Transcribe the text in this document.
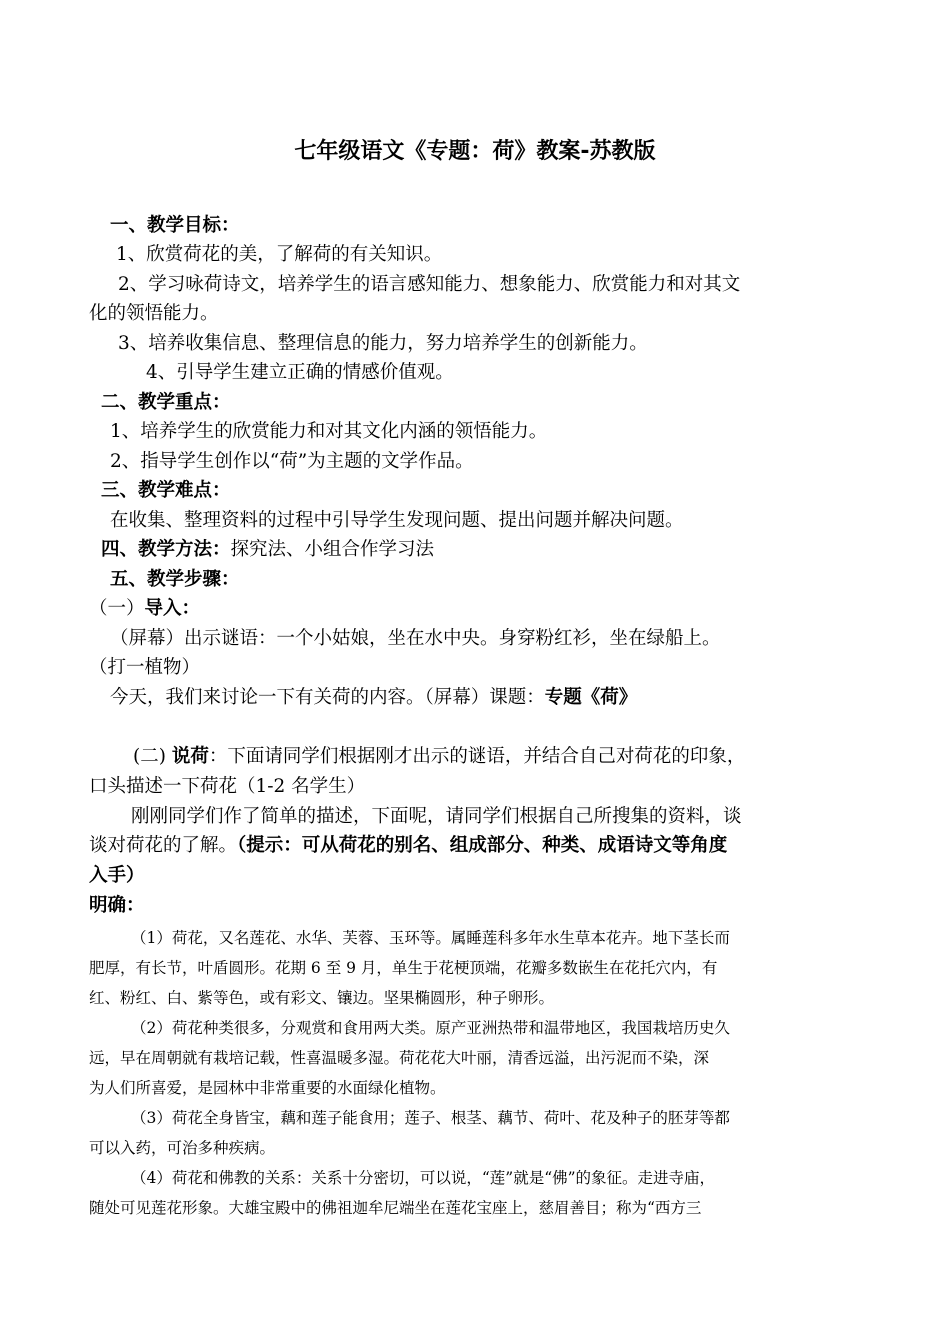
七年级语文《专题：荷》教案-苏教版
一、教学目标：
1、欣赏荷花的美，了解荷的有关知识。
2、学习咏荷诗文，培养学生的语言感知能力、想象能力、欣赏能力和对其文
化的领悟能力。
3、培养收集信息、整理信息的能力，努力培养学生的创新能力。
4、引导学生建立正确的情感价值观。
二、教学重点：
1、培养学生的欣赏能力和对其文化内涵的领悟能力。
2、指导学生创作以“荷”为主题的文学作品。
三、教学难点：
在收集、整理资料的过程中引导学生发现问题、提出问题并解决问题。
四、教学方法：探究法、小组合作学习法
五、教学步骤：
（一）导入：
（屏幕）出示谜语：一个小姑娘，坐在水中央。身穿粉红衫，坐在绿船上。
（打一植物）
今天，我们来讨论一下有关荷的内容。（屏幕）课题：专题《荷》
(二) 说荷：下面请同学们根据刚才出示的谜语，并结合自己对荷花的印象，
口头描述一下荷花（1-2 名学生）
刚刚同学们作了简单的描述，下面呢，请同学们根据自己所搜集的资料，谈
谈对荷花的了解。（提示：可从荷花的别名、组成部分、种类、成语诗文等角度
入手）
明确：
（1）荷花，又名莲花、水华、芙蓉、玉环等。属睡莲科多年水生草本花卉。地下茎长而
肥厚，有长节，叶盾圆形。花期 6 至 9 月，单生于花梗顶端，花瓣多数嵌生在花托穴内，有
红、粉红、白、紫等色，或有彩文、镶边。坚果椭圆形，种子卵形。
（2）荷花种类很多，分观赏和食用两大类。原产亚洲热带和温带地区，我国栽培历史久
远，早在周朝就有栽培记载，性喜温暖多湿。荷花花大叶丽，清香远溢，出污泥而不染，深
为人们所喜爱，是园林中非常重要的水面绿化植物。
（3）荷花全身皆宝，藕和莲子能食用；莲子、根茎、藕节、荷叶、花及种子的胚芽等都
可以入药，可治多种疾病。
（4）荷花和佛教的关系：关系十分密切，可以说，“莲”就是“佛”的象征。走进寺庙，
随处可见莲花形象。大雄宝殿中的佛祖迦牟尼端坐在莲花宝座上，慈眉善目；称为“西方三
